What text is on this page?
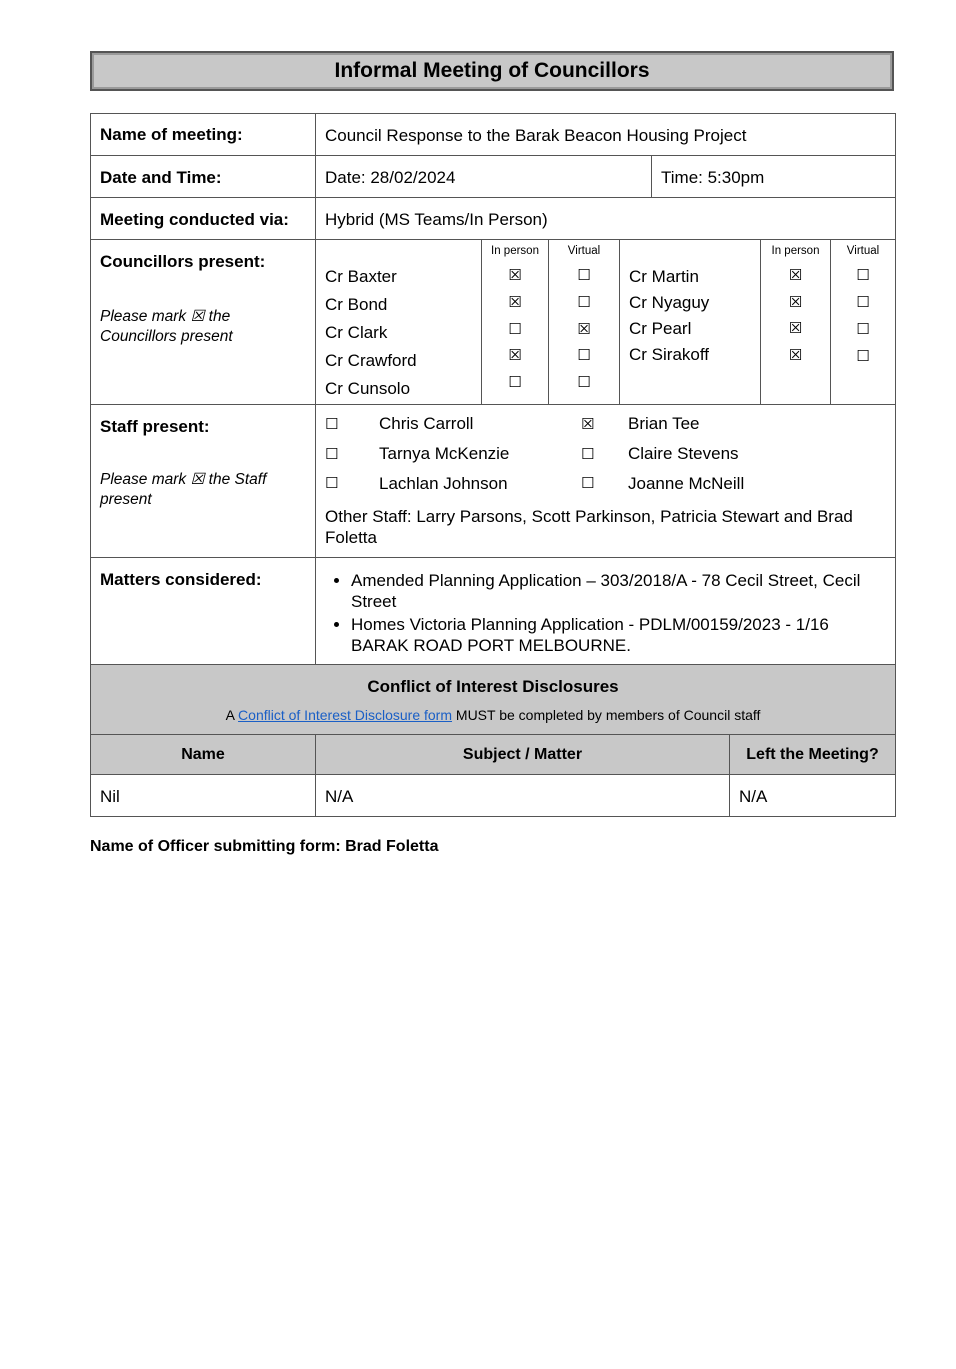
Informal Meeting of Councillors
Name of meeting:	Council Response to the Barak Beacon Housing Project
Date and Time:	Date: 28/02/2024	Time: 5:30pm
Meeting conducted via: Hybrid (MS Teams/In Person)
Councillors present:
Please mark ☒ the Councillors present
In person	Virtual	In person	Virtual
Cr Baxter
Cr Bond
Cr Clark
Cr Crawford
Cr Cunsolo
☒
☒
☐
☒
☐
☐
☐
☒
☐
☐
Cr Martin
Cr Nyaguy
Cr Pearl
Cr Sirakoff
☒
☒
☒
☒
☐
☐
☐
☐
Staff present:
Please mark ☒ the Staff present
☐
☐
☐
Chris Carroll
Tarnya McKenzie
Lachlan Johnson
☒
☐
☐
Brian Tee
Claire Stevens
Joanne McNeill
Other Staff: Larry Parsons, Scott Parkinson, Patricia Stewart and Brad Foletta
Matters considered:
•	Amended Planning Application – 303/2018/A - 78 Cecil Street, Cecil Street
• Homes Victoria Planning Application - PDLM/00159/2023 - 1/16 BARAK ROAD PORT MELBOURNE.
Conflict of Interest Disclosures
A Conflict of Interest Disclosure form MUST be completed by members of Council staff
Name	Subject / Matter	Left the Meeting?
Nil	N/A	N/A
Name of Officer submitting form: Brad Foletta
